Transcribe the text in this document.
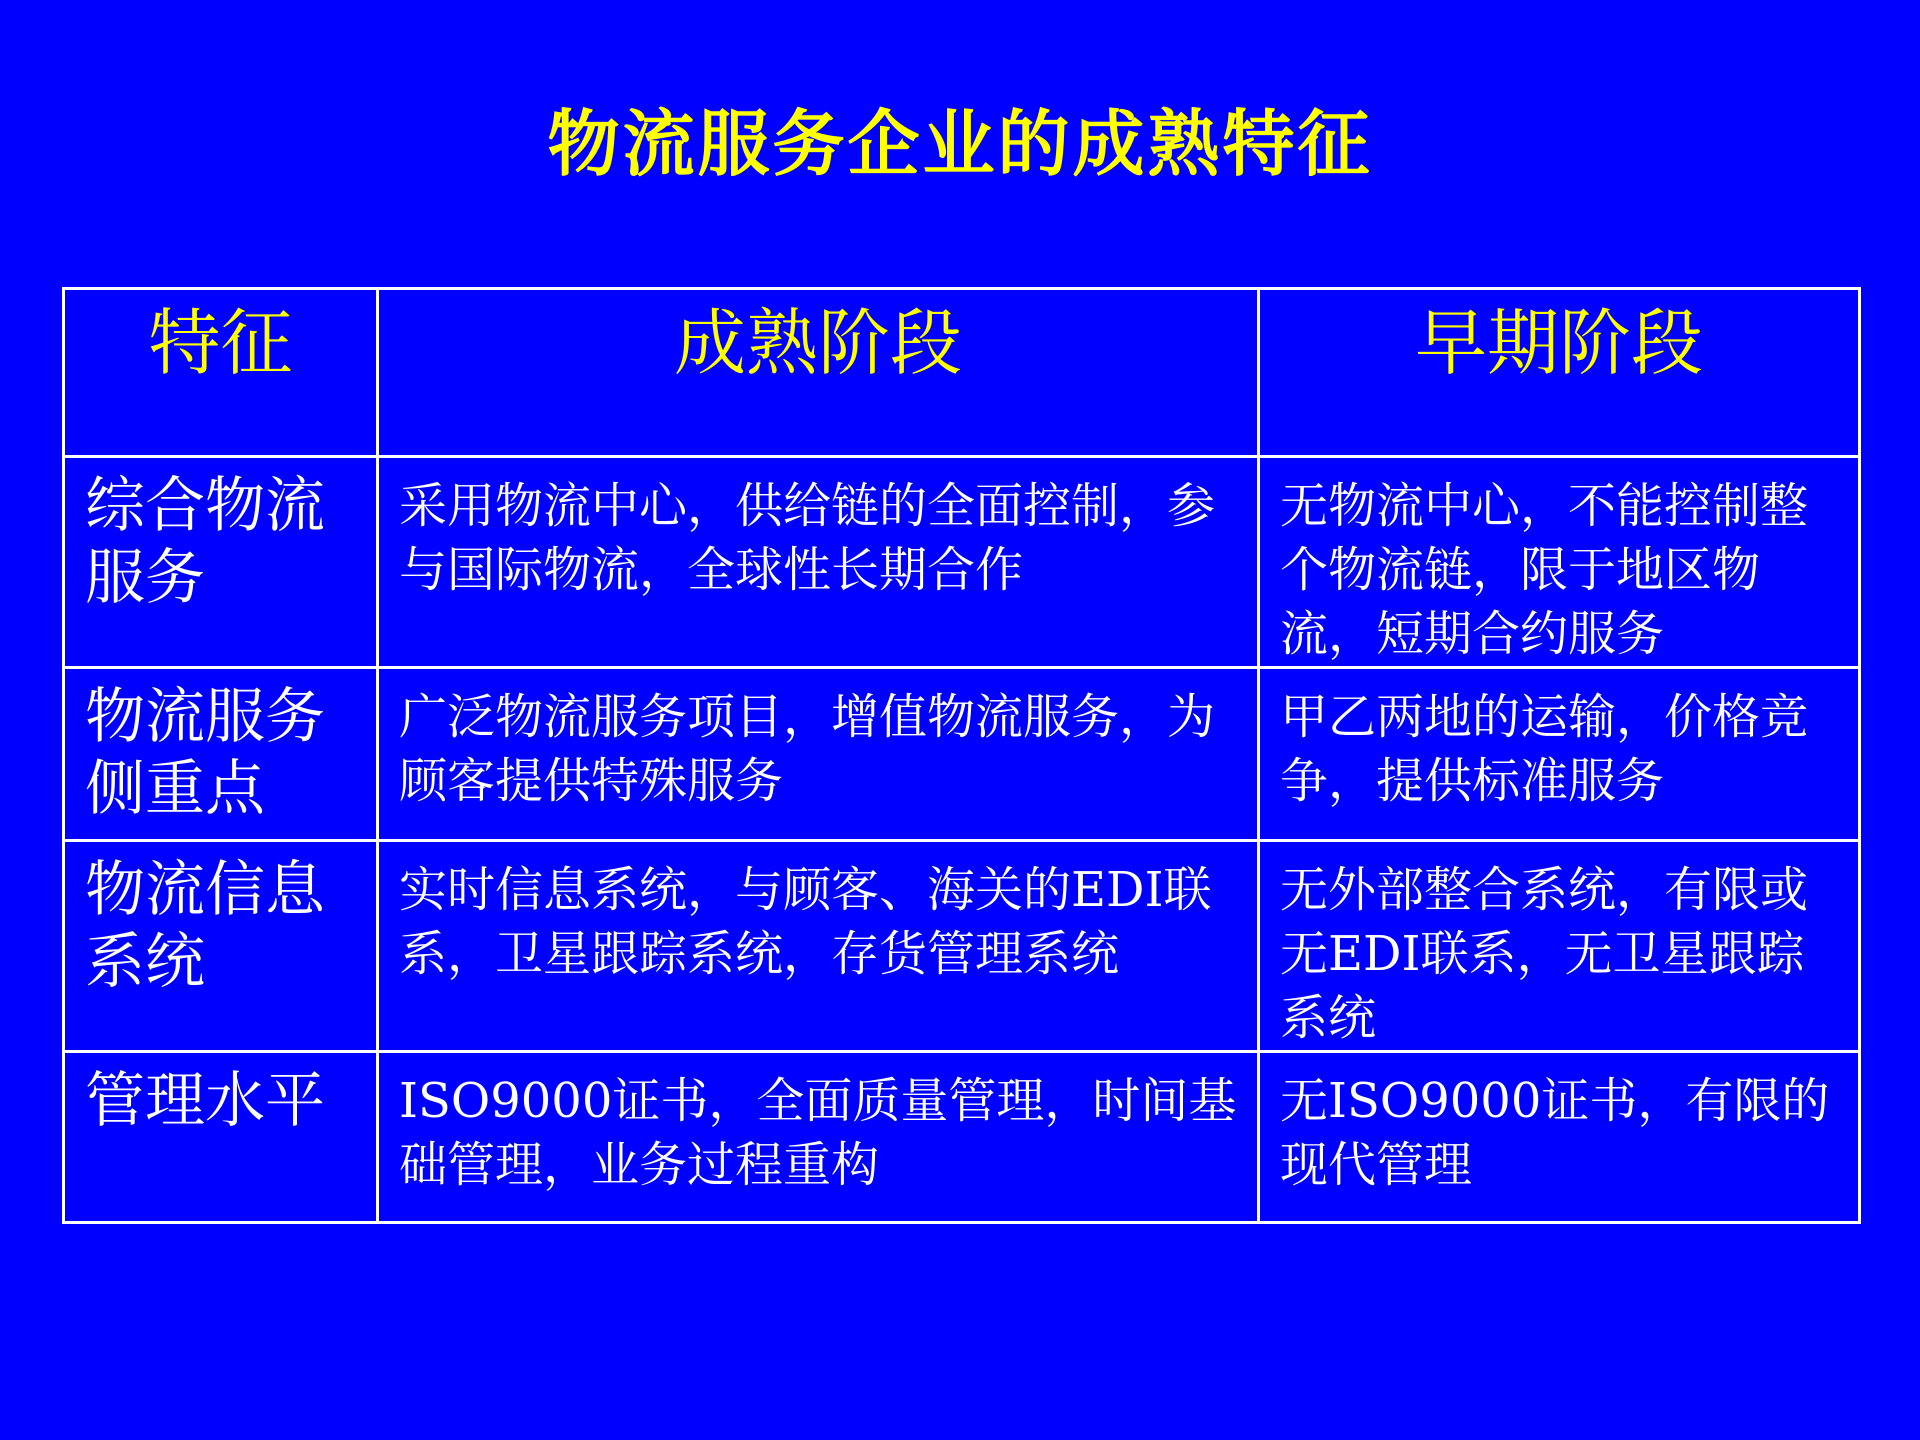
物流服务企业的成熟特征
特征	成熟阶段	早期阶段
综合物流服务	采用物流中心，供给链的全面控制，参与国际物流，全球性长期合作	无物流中心，不能控制整个物流链，限于地区物流，短期合约服务
物流服务侧重点	广泛物流服务项目，增值物流服务，为顾客提供特殊服务	甲乙两地的运输，价格竞争，提供标准服务
物流信息系统	实时信息系统，与顾客、海关的EDI联系，卫星跟踪系统，存货管理系统	无外部整合系统，有限或无EDI联系，无卫星跟踪系统
管理水平	ISO9000证书，全面质量管理，时间基础管理，业务过程重构	无ISO9000证书，有限的现代管理
